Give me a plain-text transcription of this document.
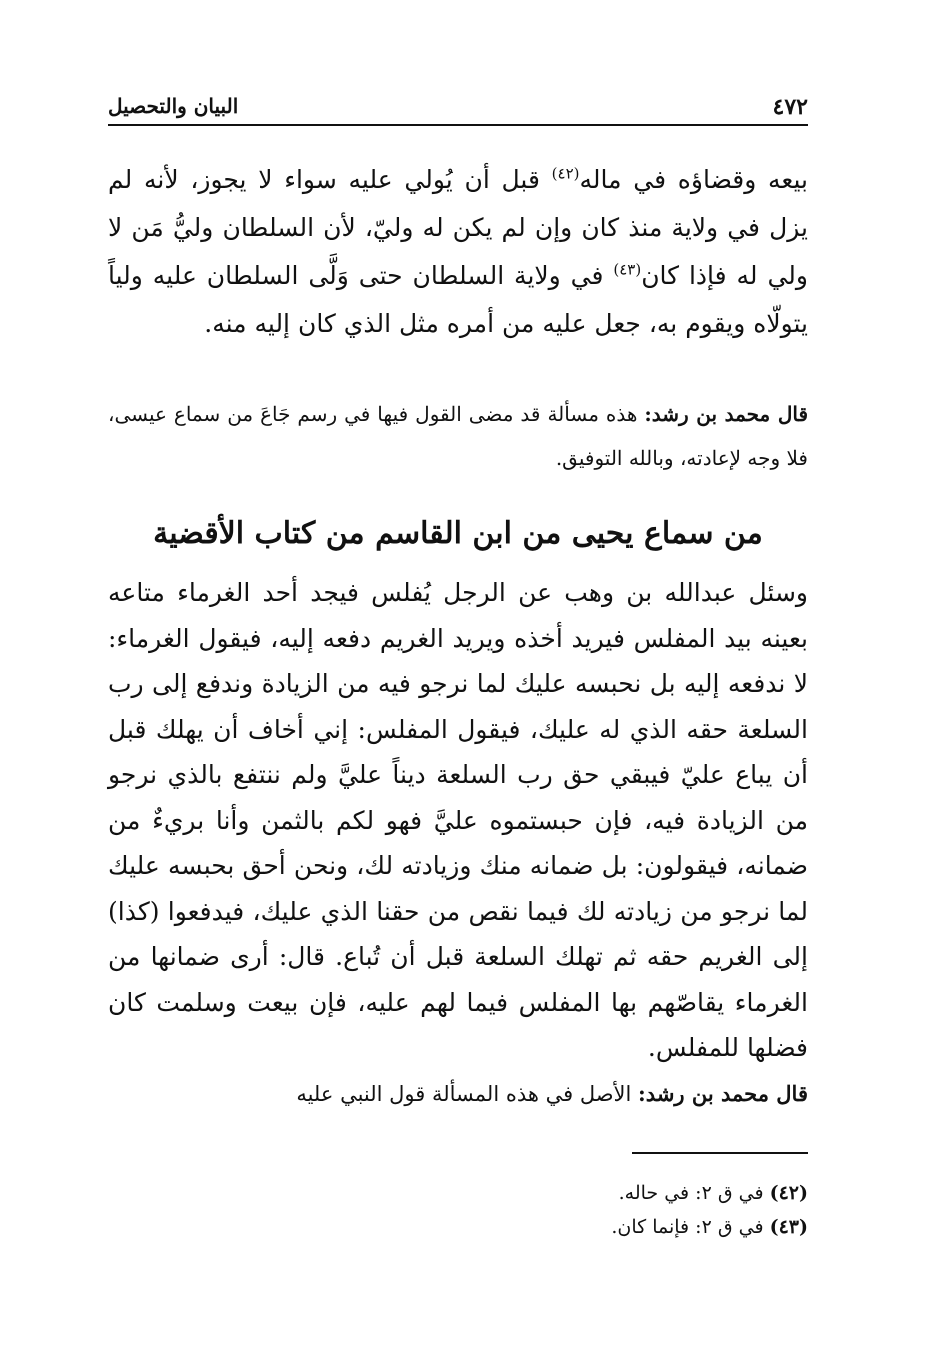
٤٧٢
البيان والتحصيل

بيعه وقضاؤه في ماله$^{(٤٢)}$ قبل أن يُولي عليه سواء لا يجوز، لأنه لم يزل في ولاية منذ كان وإن لم يكن له وليّ، لأن السلطان وليُّ مَن لا ولي له فإذا كان$^{(٤٣)}$ في ولاية السلطان حتى وَلَّى السلطان عليه ولياً يتولّاه ويقوم به، جعل عليه من أمره مثل الذي كان إليه منه.

قال محمد بن رشد: هذه مسألة قد مضى القول فيها في رسم جَاعَ من سماع عيسى، فلا وجه لإعادته، وبالله التوفيق.

من سماع يحيى من ابن القاسم من كتاب الأقضية

وسئل عبدالله بن وهب عن الرجل يُفلس فيجد أحد الغرماء متاعه بعينه بيد المفلس فيريد أخذه ويريد الغريم دفعه إليه، فيقول الغرماء: لا ندفعه إليه بل نحبسه عليك لما نرجو فيه من الزيادة وندفع إلى رب السلعة حقه الذي له عليك، فيقول المفلس: إني أخاف أن يهلك قبل أن يباع عليّ فيبقي حق رب السلعة ديناً عليَّ ولم ننتفع بالذي نرجو من الزيادة فيه، فإن حبستموه عليَّ فهو لكم بالثمن وأنا بريءٌ من ضمانه، فيقولون: بل ضمانه منك وزيادته لك، ونحن أحق بحبسه عليك لما نرجو من زيادته لك فيما نقص من حقنا الذي عليك، فيدفعوا (كذا) إلى الغريم حقه ثم تهلك السلعة قبل أن تُباع. قال: أرى ضمانها من الغرماء يقاصّهم بها المفلس فيما لهم عليه، فإن بيعت وسلمت كان فضلها للمفلس.

قال محمد بن رشد: الأصل في هذه المسألة قول النبي عليه

(٤٢) في ق ٢: في حاله.
(٤٣) في ق ٢: فإنما كان.
